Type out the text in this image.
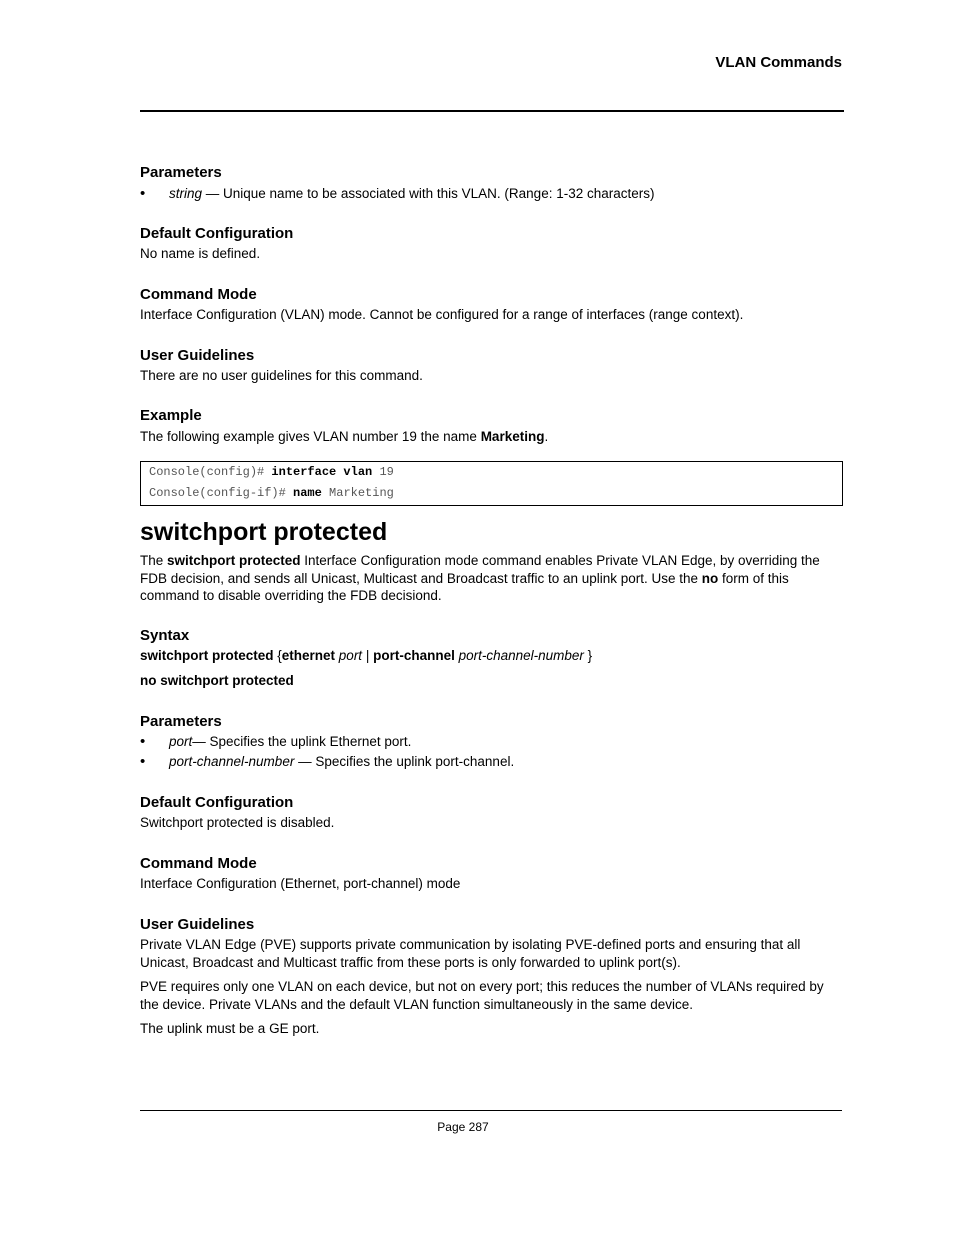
VLAN Commands
Parameters
• string — Unique name to be associated with this VLAN. (Range: 1-32 characters)
Default Configuration
No name is defined.
Command Mode
Interface Configuration (VLAN) mode. Cannot be configured for a range of interfaces (range context).
User Guidelines
There are no user guidelines for this command.
Example
The following example gives VLAN number 19 the name Marketing.
Console(config)# interface vlan 19
Console(config-if)# name Marketing
switchport protected
The switchport protected Interface Configuration mode command enables Private VLAN Edge, by overriding the FDB decision, and sends all Unicast, Multicast and Broadcast traffic to an uplink port. Use the no form of this command to disable overriding the FDB decisiond.
Syntax
switchport protected {ethernet port | port-channel port-channel-number }
no switchport protected
Parameters
• port— Specifies the uplink Ethernet port.
• port-channel-number — Specifies the uplink port-channel.
Default Configuration
Switchport protected is disabled.
Command Mode
Interface Configuration (Ethernet, port-channel) mode
User Guidelines
Private VLAN Edge (PVE) supports private communication by isolating PVE-defined ports and ensuring that all Unicast, Broadcast and Multicast traffic from these ports is only forwarded to uplink port(s).
PVE requires only one VLAN on each device, but not on every port; this reduces the number of VLANs required by the device. Private VLANs and the default VLAN function simultaneously in the same device.
The uplink must be a GE port.
Page 287
